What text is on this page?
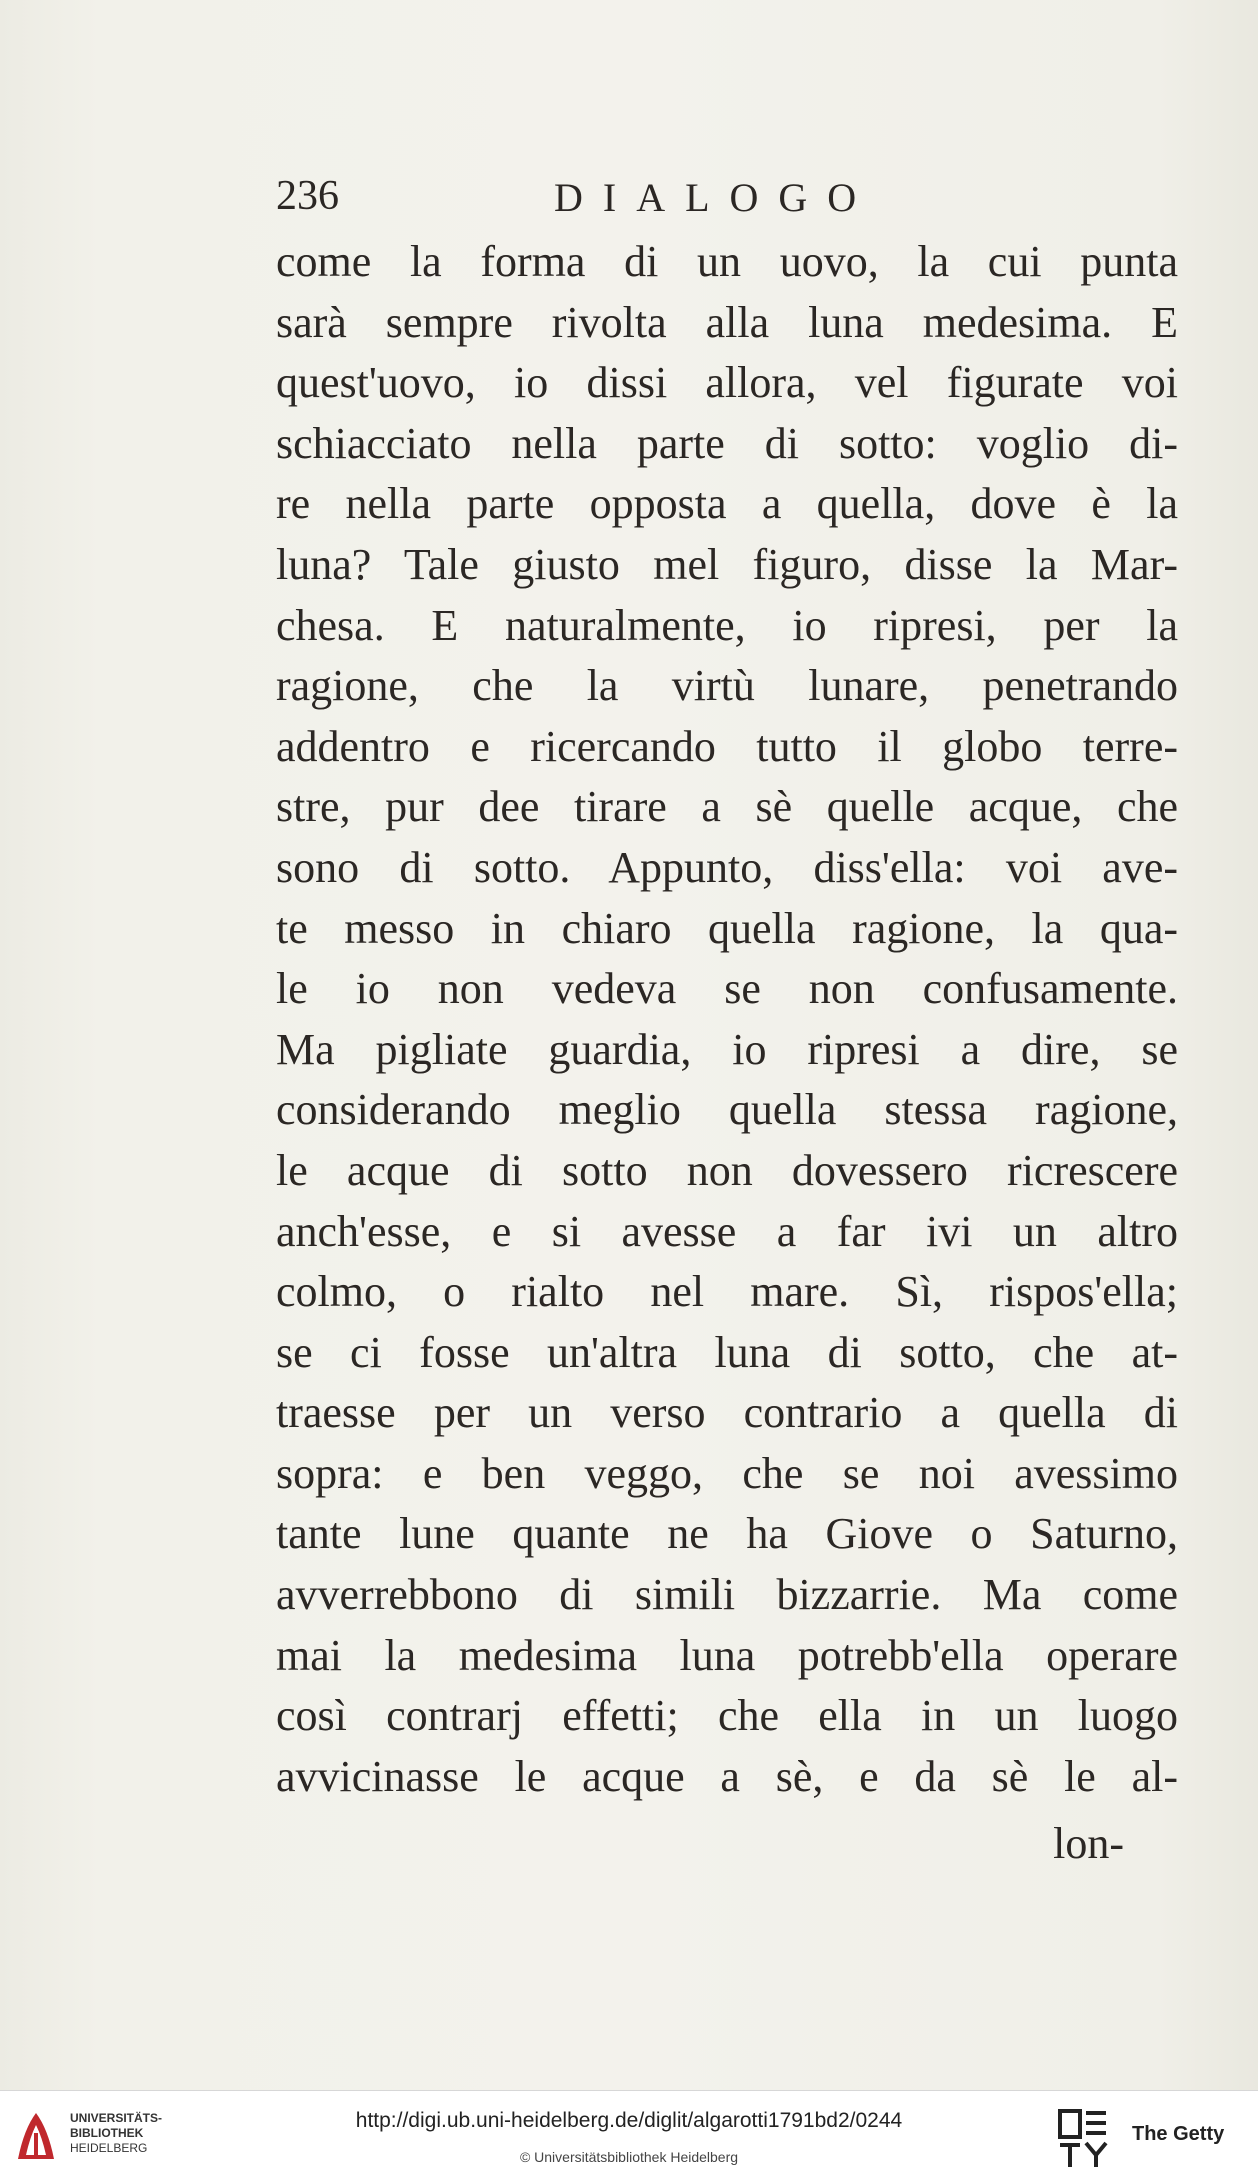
236	DIALOGO
come la forma di un uovo, la cui punta
sarà sempre rivolta alla luna medesima. E
quest'uovo, io dissi allora, vel figurate voi
schiacciato nella parte di sotto: voglio di-
re nella parte opposta a quella, dove è la
luna? Tale giusto mel figuro, disse la Mar-
chesa. E naturalmente, io ripresi, per la
ragione, che la virtù lunare, penetrando
addentro e ricercando tutto il globo terre-
stre, pur dee tirare a sè quelle acque, che
sono di sotto. Appunto, diss'ella: voi ave-
te messo in chiaro quella ragione, la qua-
le io non vedeva se non confusamente.
Ma pigliate guardia, io ripresi a dire, se
considerando meglio quella stessa ragione,
le acque di sotto non dovessero ricrescere
anch'esse, e si avesse a far ivi un altro
colmo, o rialto nel mare. Sì, rispos'ella;
se ci fosse un'altra luna di sotto, che at-
traesse per un verso contrario a quella di
sopra: e ben veggo, che se noi avessimo
tante lune quante ne ha Giove o Saturno,
avverrebbono di simili bizzarrie. Ma come
mai la medesima luna potrebb'ella operare
così contrarj effetti; che ella in un luogo
avvicinasse le acque a sè, e da sè le al-
lon-
UNIVERSITÄTS-
BIBLIOTHEK
HEIDELBERG
http://digi.ub.uni-heidelberg.de/diglit/algarotti1791bd2/0244
© Universitätsbibliothek Heidelberg
The Getty
